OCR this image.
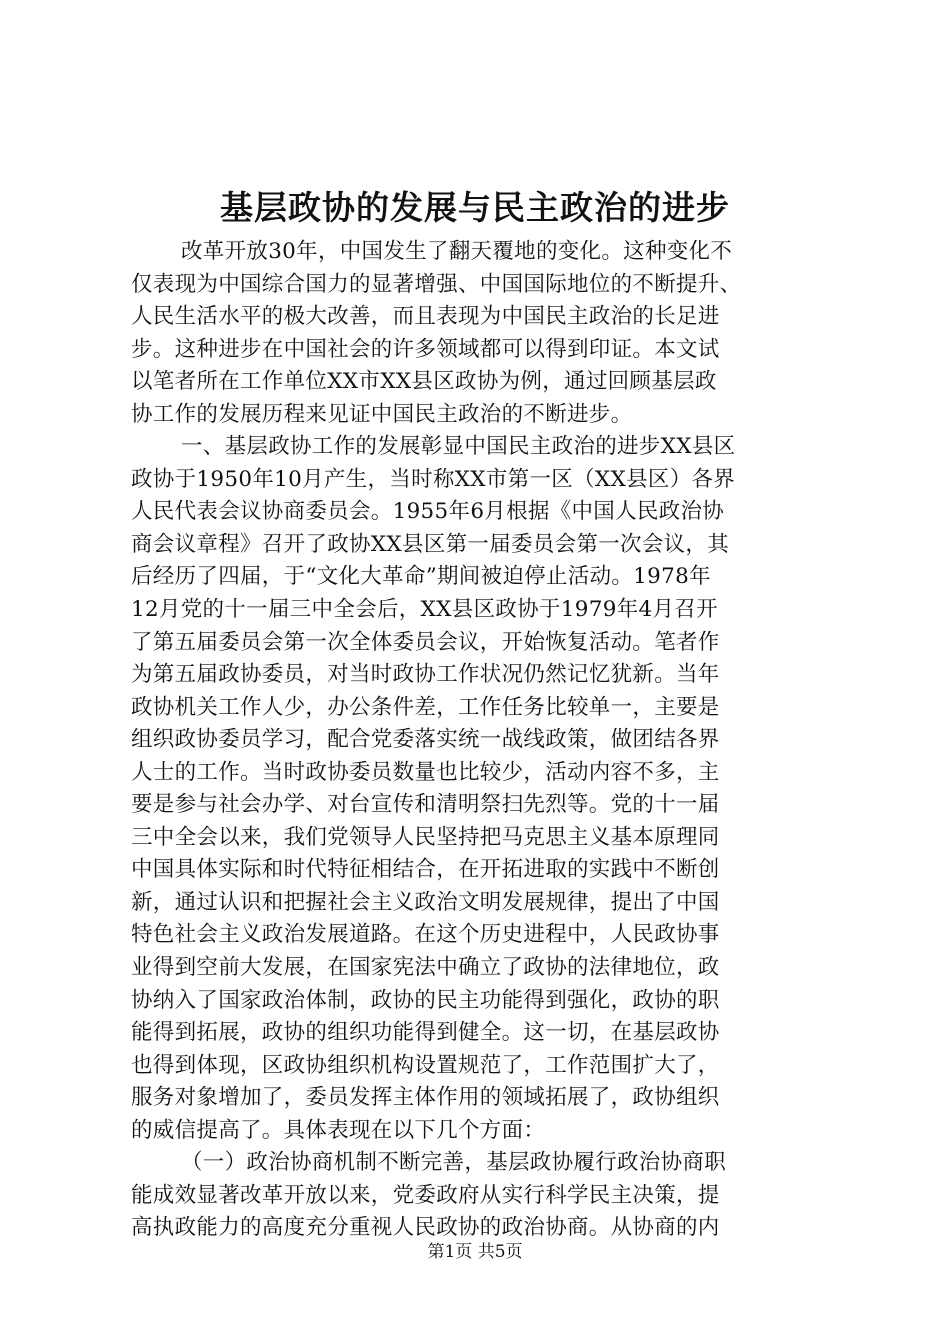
基层政协的发展与民主政治的进步
改革开放30年，中国发生了翻天覆地的变化。这种变化不
仅表现为中国综合国力的显著增强、中国国际地位的不断提升、
人民生活水平的极大改善，而且表现为中国民主政治的长足进
步。这种进步在中国社会的许多领域都可以得到印证。本文试
以笔者所在工作单位XX市XX县区政协为例，通过回顾基层政
协工作的发展历程来见证中国民主政治的不断进步。
一、基层政协工作的发展彰显中国民主政治的进步XX县区
政协于1950年10月产生，当时称XX市第一区（XX县区）各界
人民代表会议协商委员会。1955年6月根据《中国人民政治协
商会议章程》召开了政协XX县区第一届委员会第一次会议，其
后经历了四届，于“文化大革命”期间被迫停止活动。1978年
12月党的十一届三中全会后，XX县区政协于1979年4月召开
了第五届委员会第一次全体委员会议，开始恢复活动。笔者作
为第五届政协委员，对当时政协工作状况仍然记忆犹新。当年
政协机关工作人少，办公条件差，工作任务比较单一，主要是
组织政协委员学习，配合党委落实统一战线政策，做团结各界
人士的工作。当时政协委员数量也比较少，活动内容不多，主
要是参与社会办学、对台宣传和清明祭扫先烈等。党的十一届
三中全会以来，我们党领导人民坚持把马克思主义基本原理同
中国具体实际和时代特征相结合，在开拓进取的实践中不断创
新，通过认识和把握社会主义政治文明发展规律，提出了中国
特色社会主义政治发展道路。在这个历史进程中，人民政协事
业得到空前大发展，在国家宪法中确立了政协的法律地位，政
协纳入了国家政治体制，政协的民主功能得到强化，政协的职
能得到拓展，政协的组织功能得到健全。这一切，在基层政协
也得到体现，区政协组织机构设置规范了，工作范围扩大了，
服务对象增加了，委员发挥主体作用的领域拓展了，政协组织
的威信提高了。具体表现在以下几个方面：
（一）政治协商机制不断完善，基层政协履行政治协商职
能成效显著改革开放以来，党委政府从实行科学民主决策，提
高执政能力的高度充分重视人民政协的政治协商。从协商的内
第1页 共5页
